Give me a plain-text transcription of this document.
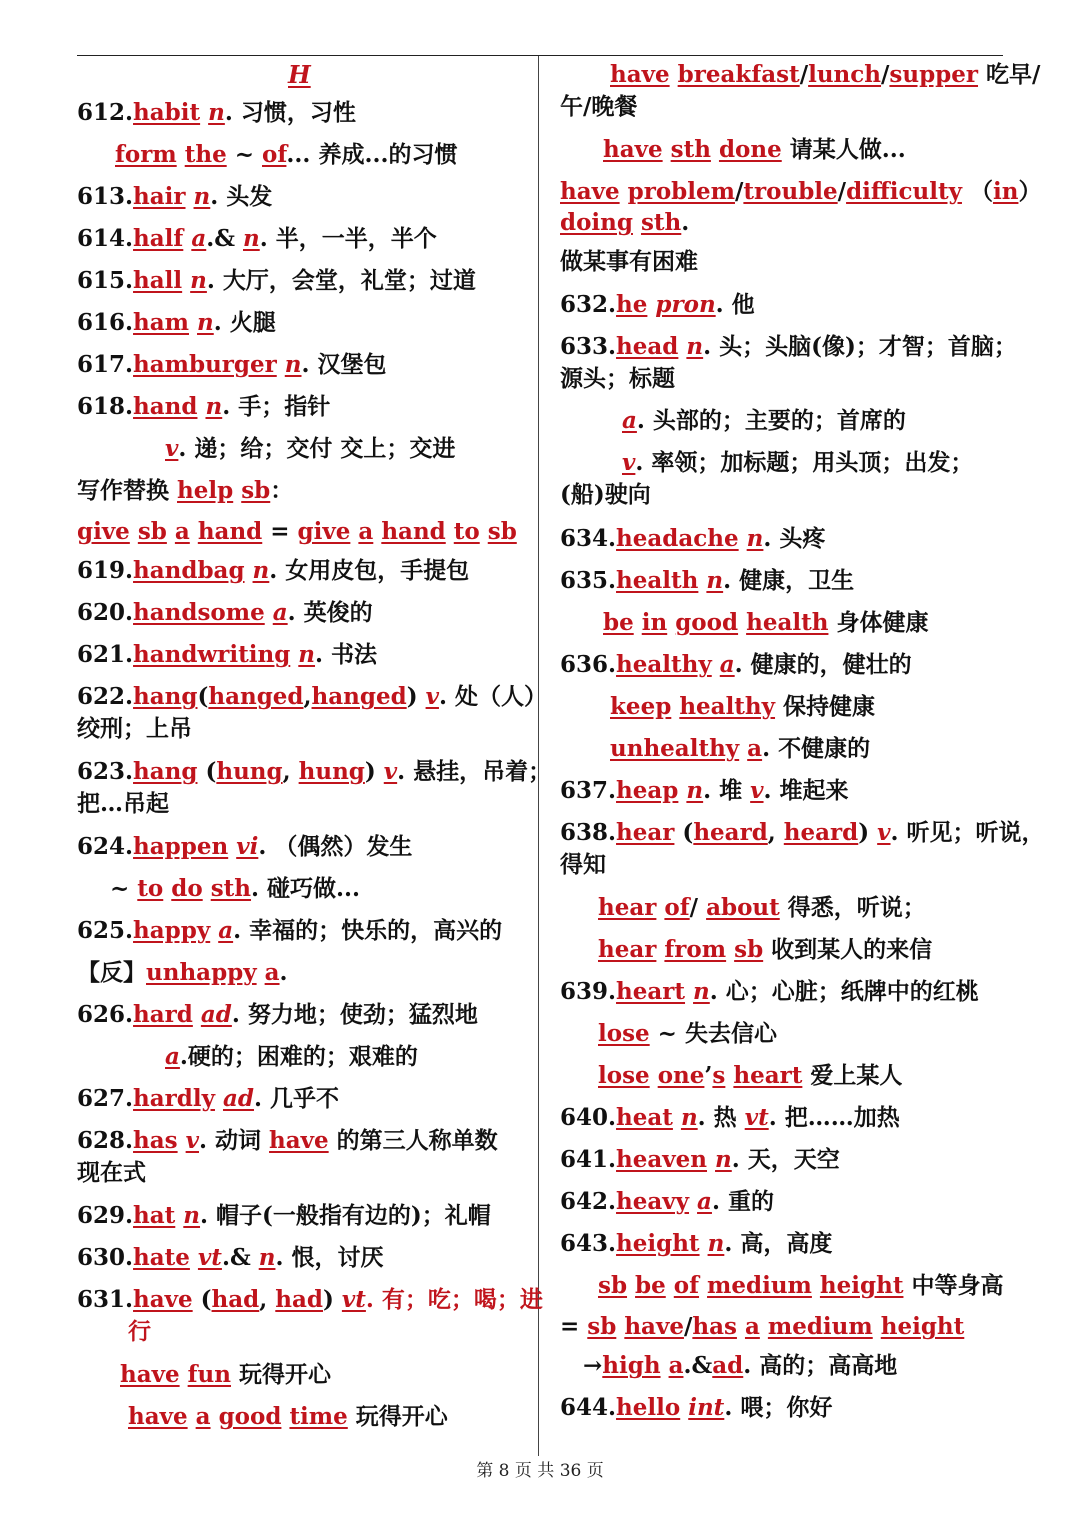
H
612.habit n. 习惯，习性
form the ~ of... 养成...的习惯
613.hair n. 头发
614.half a.& n. 半，一半，半个
615.hall n. 大厅，会堂，礼堂；过道
616.ham n. 火腿
617.hamburger n. 汉堡包
618.hand n. 手；指针
v. 递；给；交付 交上；交进
写作替换 help sb：
give sb a hand = give a hand to sb
619.handbag n. 女用皮包，手提包
620.handsome a. 英俊的
621.handwriting n. 书法
622.hang(hanged,hanged) v. 处（人）
绞刑；上吊
623.hang (hung, hung) v. 悬挂，吊着；
把…吊起
624.happen vi. （偶然）发生
~ to do sth. 碰巧做...
625.happy a. 幸福的；快乐的，高兴的
【反】unhappy a.
626.hard ad. 努力地；使劲；猛烈地
a.硬的；困难的；艰难的
627.hardly ad. 几乎不
628.has v. 动词 have 的第三人称单数
现在式
629.hat n. 帽子(一般指有边的)；礼帽
630.hate vt.& n. 恨，讨厌
631.have (had, had) vt. 有；吃；喝；进
行
have fun 玩得开心
have a good time 玩得开心
have breakfast/lunch/supper 吃早/
午/晚餐
have sth done 请某人做...
have problem/trouble/difficulty （in）
doing sth.
做某事有困难
632.he pron. 他
633.head n. 头；头脑(像)；才智；首脑；
源头；标题
a. 头部的；主要的；首席的
v. 率领；加标题；用头顶；出发；
(船)驶向
634.headache n. 头疼
635.health n. 健康，卫生
be in good health 身体健康
636.healthy a. 健康的，健壮的
keep healthy 保持健康
unhealthy a. 不健康的
637.heap n. 堆 v. 堆起来
638.hear (heard, heard) v. 听见；听说，
得知
hear of/ about 得悉，听说；
hear from sb 收到某人的来信
639.heart n. 心；心脏；纸牌中的红桃
lose ~ 失去信心
lose one’s heart 爱上某人
640.heat n. 热 vt. 把……加热
641.heaven n. 天，天空
642.heavy a. 重的
643.height n. 高，高度
sb be of medium height 中等身高
= sb have/has a medium height
→high a.&ad. 高的；高高地
644.hello int. 喂；你好
第 8 页 共 36 页
